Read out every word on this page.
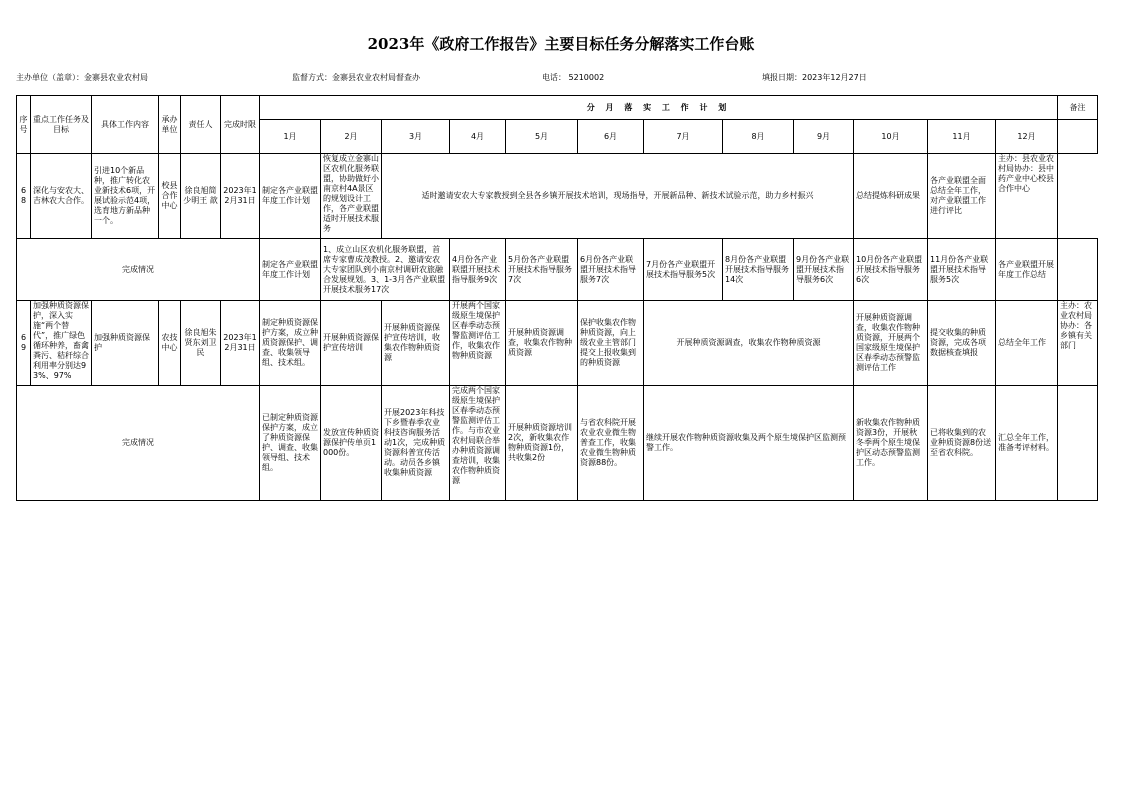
2023年《政府工作报告》主要目标任务分解落实工作台账
主办单位（盖章）：金寨县农业农村局	监督方式：金寨县农业农村局督查办	电话： 5210002	填报日期：2023年12月27日
序号	重点工作任务及目标	具体工作内容	承办单位	责任人	完成时限	分 月 落 实 工 作 计 划												备注
						1月	2月	3月	4月	5月	6月	7月	8月	9月	10月	11月	12月	
68	深化与安农大、吉林农大合作。	引进10个新品种，推广转化农业新技术6项，开展试验示范4项，选育地方新品种一个。	校县合作中心	徐良旭简少明王 歆	2023年12月31日	制定各产业联盟年度工作计划	恢复成立金寨山区农机化服务联盟，协助做好小南京村4A景区的规划设计工作，各产业联盟适时开展技术服务	适时邀请安农大专家教授到全县各乡镇开展技术培训，现场指导，开展新品种、新技术试验示范，助力乡村振兴							总结提炼科研成果	各产业联盟全面总结全年工作，对产业联盟工作进行评比	主办：县农业农村局协办：县中药产业中心校县合作中心	

完成情况						制定各产业联盟年度工作计划	1、成立山区农机化服务联盟，首席专家曹成茂教授。2、邀请安农大专家团队到小南京村调研农旅融合发展规划。3、1-3月各产业联盟开展技术服务17次		4月份各产业联盟开展技术指导服务9次	5月份各产业联盟开展技术指导服务7次	6月份各产业联盟开展技术指导服务7次	7月份各产业联盟开展技术指导服务5次	8月份各产业联盟开展技术指导服务14次	9月份各产业联盟开展技术指导服务6次	10月份各产业联盟开展技术指导服务6次	11月份各产业联盟开展技术指导服务5次	各产业联盟开展年度工作总结	
69	加强种质资源保护，深入实施“两个替代”，推广绿色循环种养，畜禽粪污、秸秆综合利用率分别达93%、97%	加强种质资源保护	农技中心	徐良旭朱贤东刘卫民	2023年12月31日	制定种质资源保护方案，成立种质资源保护、调查、收集领导组、技术组。	开展种质资源保护宣传培训	开展种质资源保护宣传培训，收集农作物种质资源	开展两个国家级原生境保护区春季动态预警监测评估工作，收集农作物种质资源	开展种质资源调查，收集农作物种质资源	保护收集农作物种质资源，向上级农业主管部门提交上报收集到的种质资源	开展种质资源调查，收集农作物种质资源			开展种质资源调查，收集农作物种质资源，开展两个国家级原生境保护区春季动态预警监测评估工作	提交收集的种质资源，完成各项数据核查填报	总结全年工作	主办：农业农村局协办：各乡镇有关部门

完成情况						已制定种质资源保护方案，成立了种质资源保护、调查、收集领导组、技术组。	发放宣传种质资源保护传单页1000份。	开展2023年科技下乡暨春季农业科技咨询服务活动1次，完成种质资源科普宣传活动。动员各乡镇收集种质资源	完成两个国家级原生境保护区春季动态预警监测评估工作。与市农业农村局联合举办种质资源调查培训，收集农作物种质资源	开展种质资源培训2次，新收集农作物种质资源1份，共收集2份	与省农科院开展农业农业微生物普查工作，收集农业微生物种质资源88份。	继续开展农作物种质资源收集及两个原生境保护区监测预警工作。			新收集农作物种质资源3份，开展秋冬季两个原生境保护区动态预警监测工作。	已将收集到的农业种质资源8份送至省农科院。	汇总全年工作，准备考评材料。	
